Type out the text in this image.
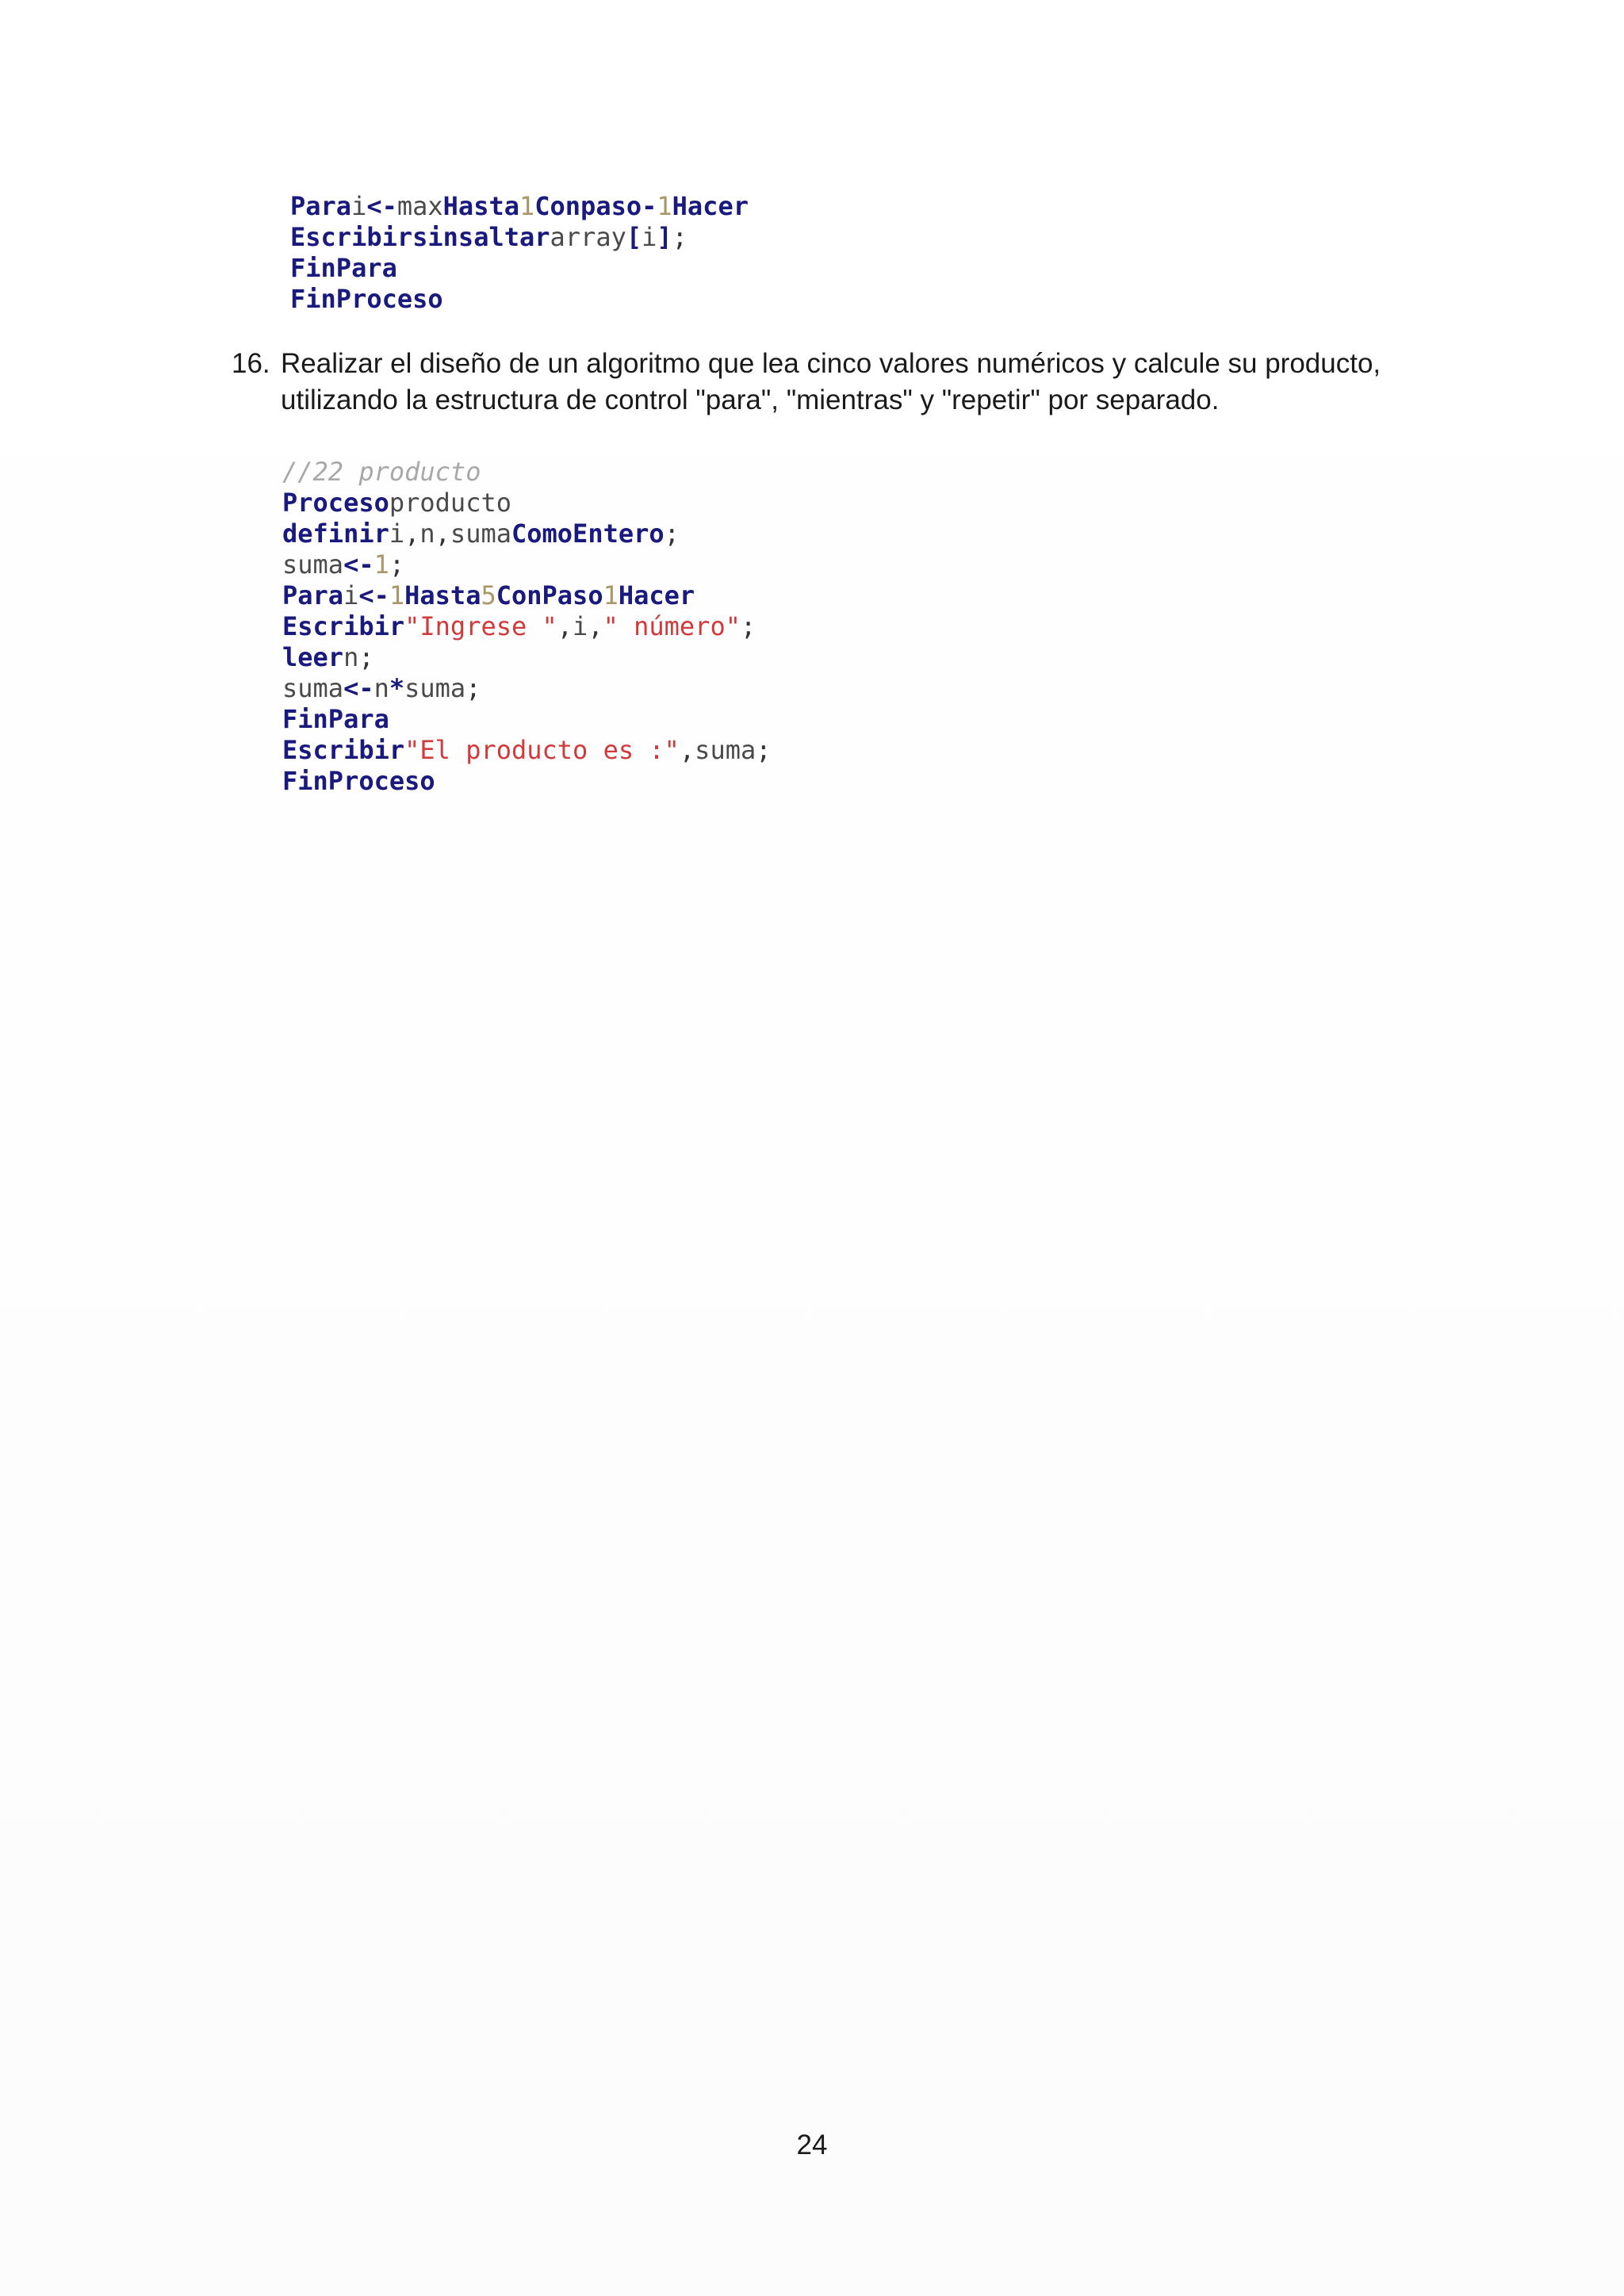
Parai<-maxHasta1Conpaso-1Hacer
Escribirsinsaltararray[i];
FinPara
FinProceso
16. Realizar el diseño de un algoritmo que lea cinco valores numéricos y calcule su producto,
utilizando la estructura de control "para", "mientras" y "repetir" por separado.
//22 producto
Procesoproducto
definiri,n,sumaComoEntero;
suma<-1;
Parai<-1Hasta5ConPaso1Hacer
Escribir"Ingrese ",i," número";
leern;
suma<-n*suma;
FinPara
Escribir"El producto es :",suma;
FinProceso
24
